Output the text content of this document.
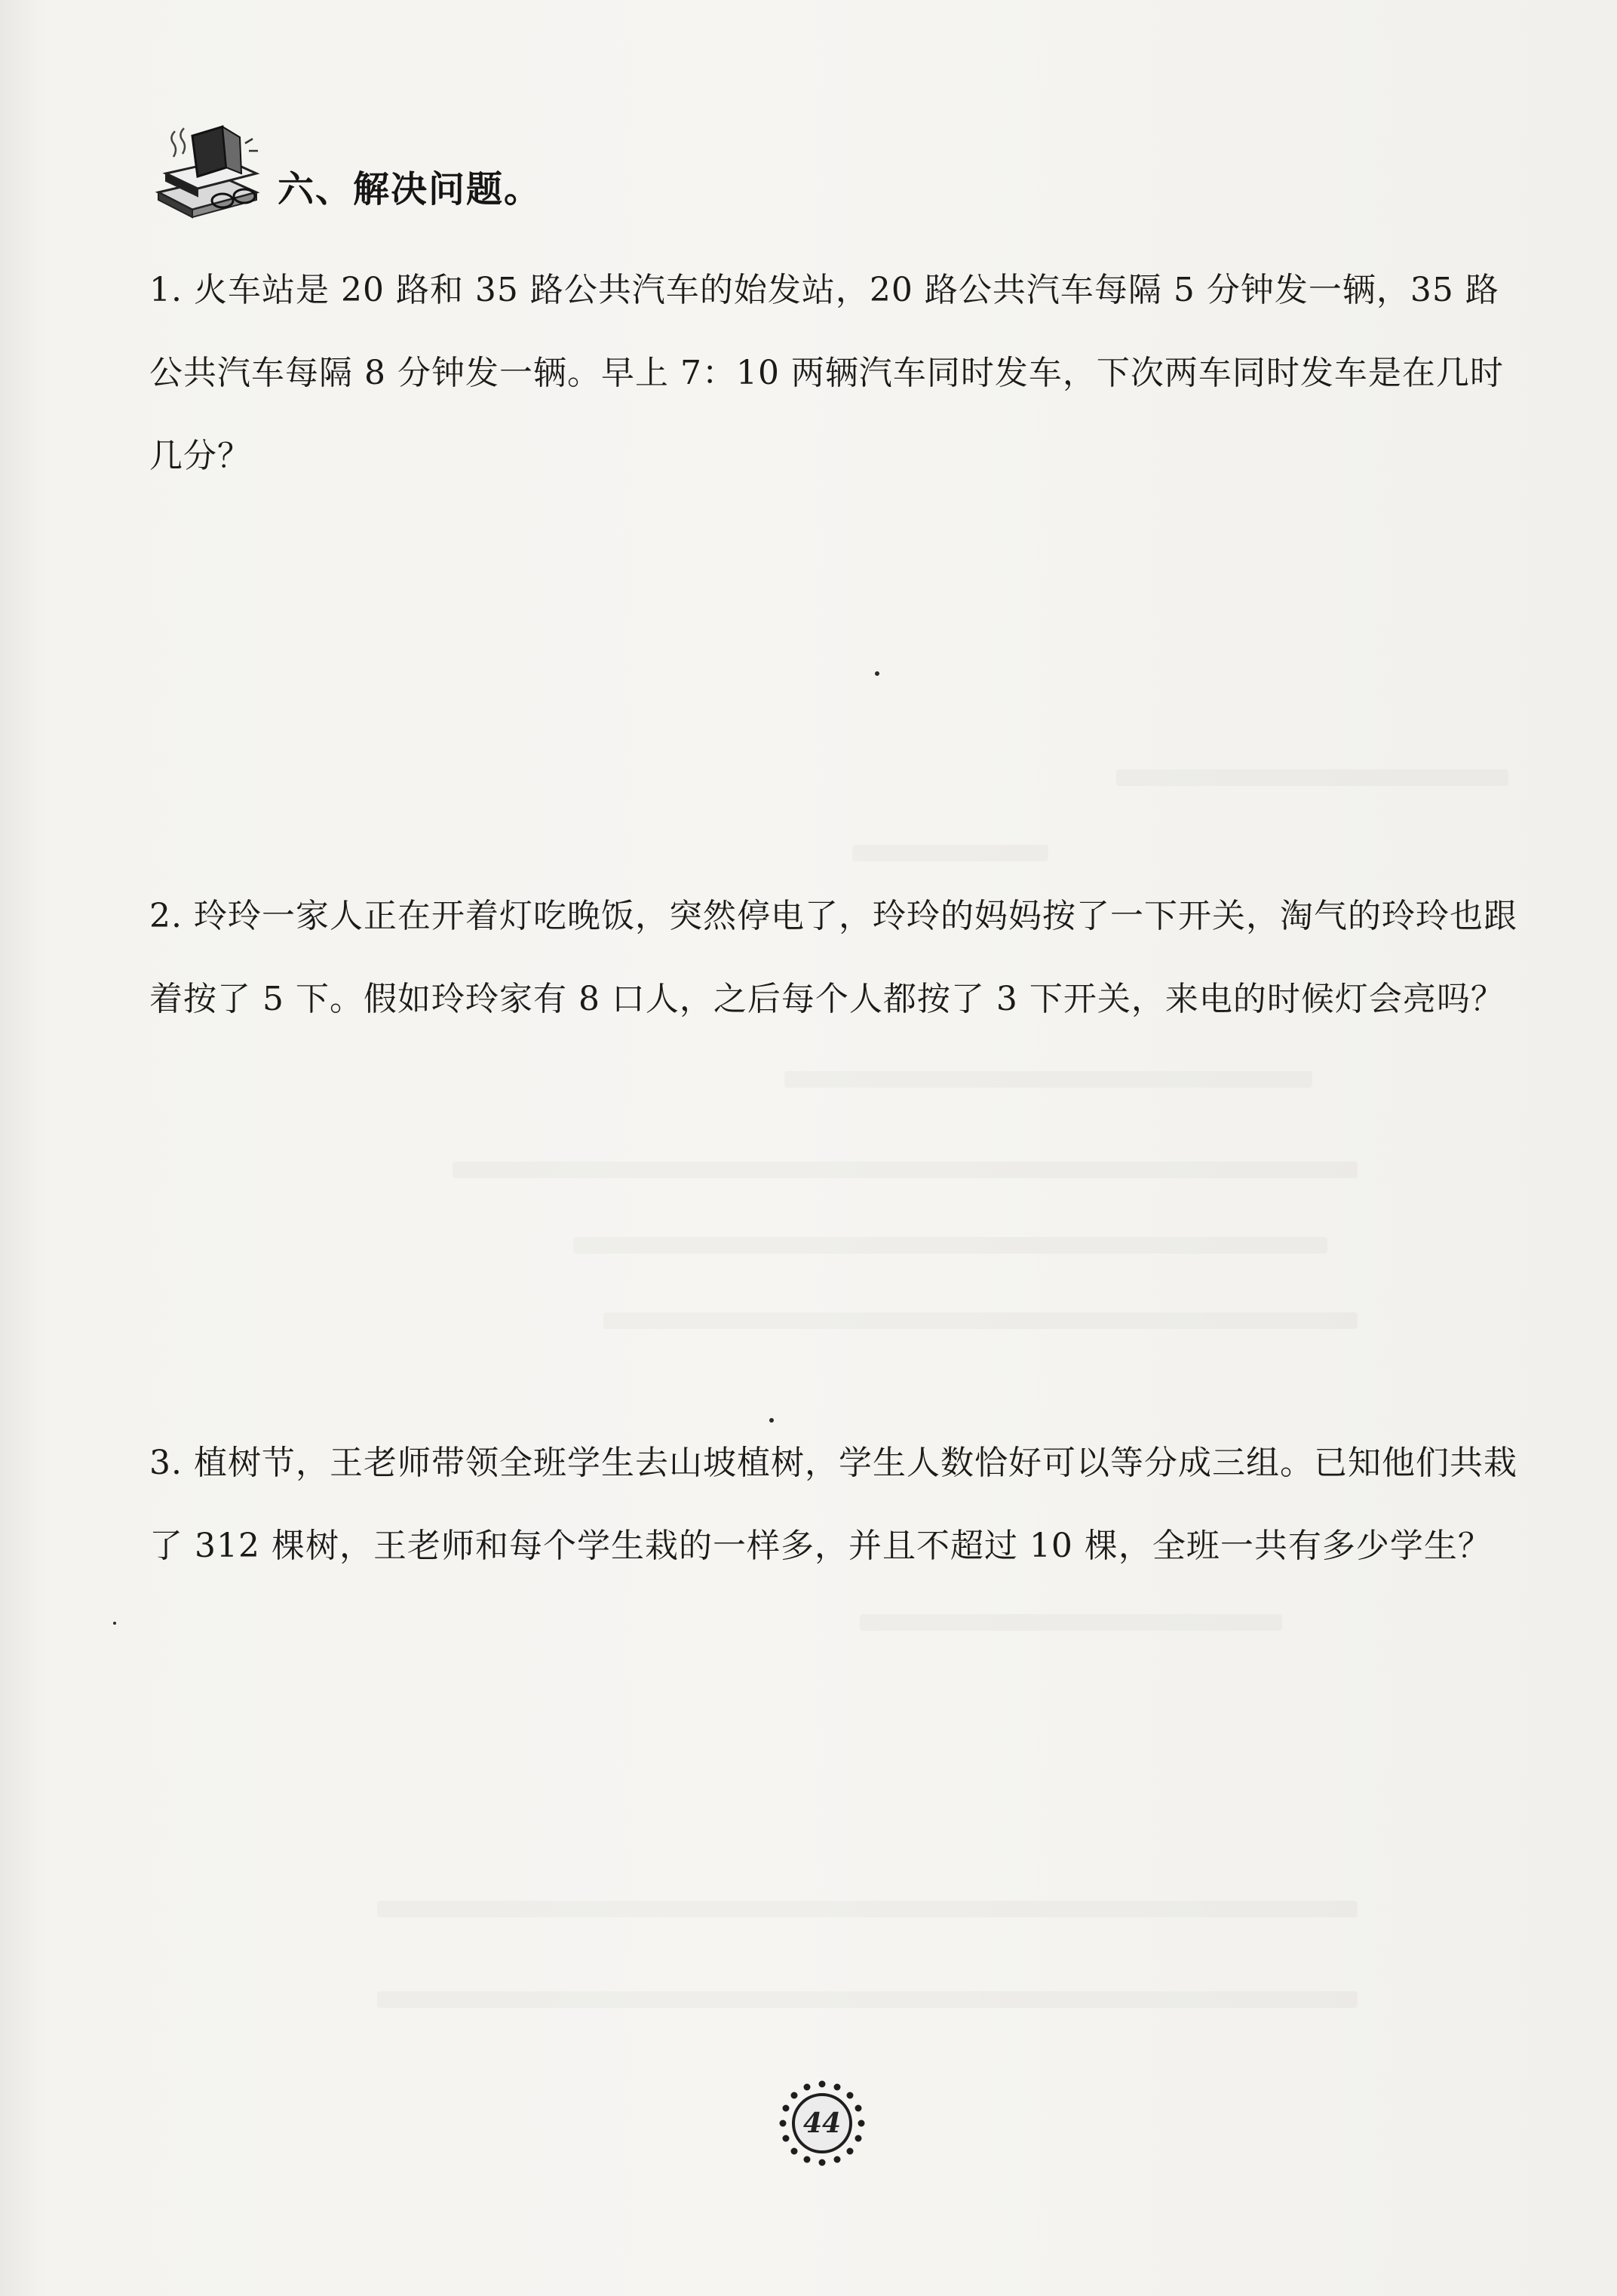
六、解决问题。
1. 火车站是 20 路和 35 路公共汽车的始发站，20 路公共汽车每隔 5 分钟发一辆，35 路公共汽车每隔 8 分钟发一辆。早上 7：10 两辆汽车同时发车，下次两车同时发车是在几时几分？
2. 玲玲一家人正在开着灯吃晚饭，突然停电了，玲玲的妈妈按了一下开关，淘气的玲玲也跟着按了 5 下。假如玲玲家有 8 口人，之后每个人都按了 3 下开关，来电的时候灯会亮吗？
3. 植树节，王老师带领全班学生去山坡植树，学生人数恰好可以等分成三组。已知他们共栽了 312 棵树，王老师和每个学生栽的一样多，并且不超过 10 棵，全班一共有多少学生？
44
